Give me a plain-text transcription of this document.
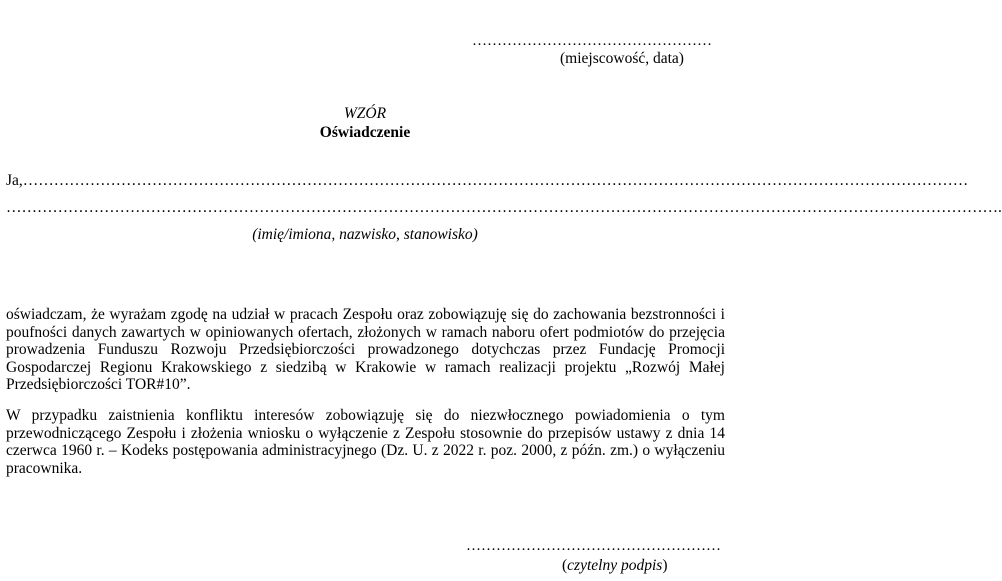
…………………………………………
(miejscowość, data)
WZÓR
Oświadczenie
Ja,…………………………………………………………………………………………………………………………………………………………………
………………………………………………………………………………………………………………………………………………………………………….
(imię/imiona, nazwisko, stanowisko)

oświadczam, że wyrażam zgodę na udział w pracach Zespołu oraz zobowiązuję się do zachowania bezstronności i poufności danych zawartych w opiniowanych ofertach, złożonych w ramach naboru ofert podmiotów do przejęcia prowadzenia Funduszu Rozwoju Przedsiębiorczości prowadzonego dotychczas przez Fundację Promocji Gospodarczej Regionu Krakowskiego z siedzibą w Krakowie w ramach realizacji projektu „Rozwój Małej Przedsiębiorczości TOR#10”.

W przypadku zaistnienia konfliktu interesów zobowiązuję się do niezwłocznego powiadomienia o tym przewodniczącego Zespołu i złożenia wniosku o wyłączenie z Zespołu stosownie do przepisów ustawy z dnia 14 czerwca 1960 r. – Kodeks postępowania administracyjnego (Dz. U. z 2022 r. poz. 2000, z późn. zm.) o wyłączeniu pracownika.

……………………………………………
(czytelny podpis)
